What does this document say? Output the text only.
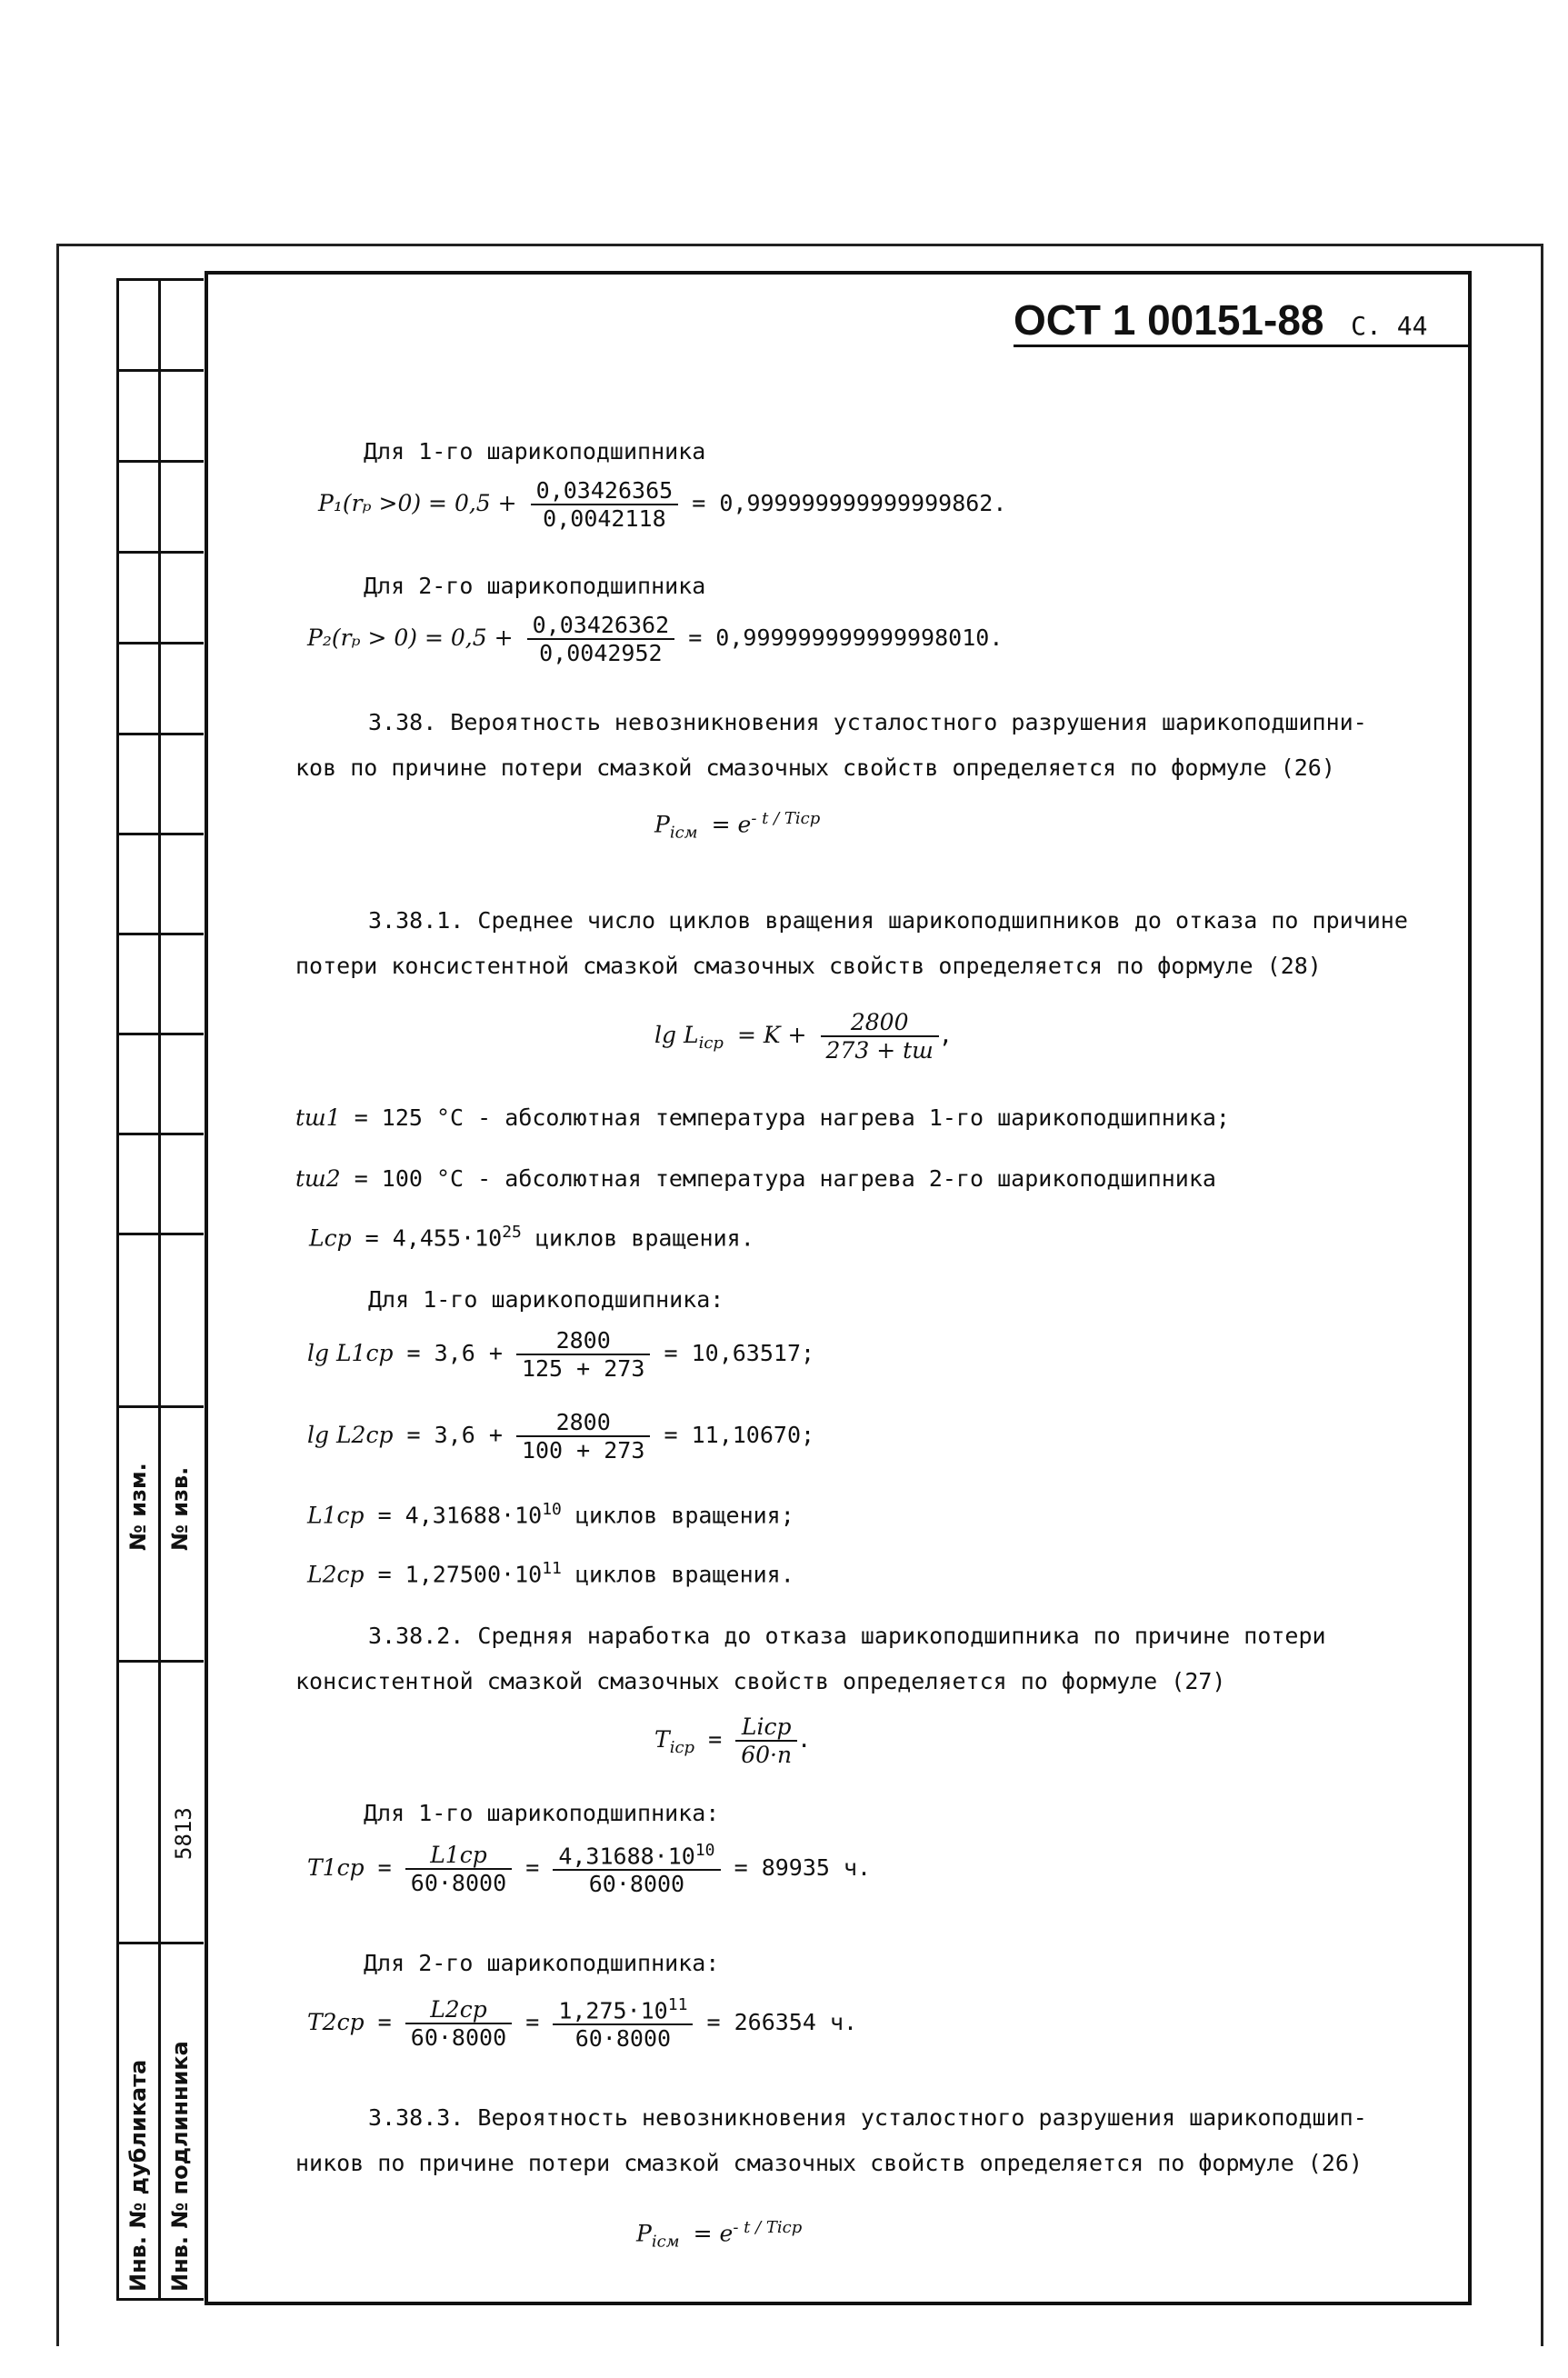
№ изм. № изв.
5813
Инв. № дубликата Инв. № подлинника
ОСТ 1 00151-88 С. 44
Для 1-го шарикоподшипника
$P_1(r_p >0) = 0,5 + \frac{0,03426365}{0,0042118} = 0,999999999999999862$.
Для 2-го шарикоподшипника
$P_2(r_p > 0) = 0,5 + \frac{0,03426362}{0,0042952} = 0,999999999999998010$.
3.38. Вероятность невозникновения усталостного разрушения шарикоподшипни-
ков по причине потери смазкой смазочных свойств определяется по формуле (26)
$P_{iсм} = e^{- t / Tiср}$
3.38.1. Среднее число циклов вращения шарикоподшипников до отказа по причине
потери консистентной смазкой смазочных свойств определяется по формуле (28)
$\lg L_{iср} = K + \frac{2800}{273 + tш}$ ,
tш1 = 125 °С - абсолютная температура нагрева 1-го шарикоподшипника;
tш2 = 100 °С - абсолютная температура нагрева 2-го шарикоподшипника
Lср = $4,455\cdot 10^{25}$ циклов вращения.
Для 1-го шарикоподшипника:
$\lg L1ср = 3,6 + \frac{2800}{125 + 273} = 10,63517$;
$\lg L2ср = 3,6 + \frac{2800}{100 + 273} = 11,10670$;
$L1ср = 4,31688\cdot 10^{10}$ циклов вращения;
$L2ср = 1,27500\cdot 10^{11}$ циклов вращения.
3.38.2. Средняя наработка до отказа шарикоподшипника по причине потери
консистентной смазкой смазочных свойств определяется по формуле (27)
$T_{iср} = \frac{\text{Liср}}{60\cdot n}$ .
Для 1-го шарикоподшипника:
$T1ср = \frac{L1ср}{60\cdot 8000} = \frac{4,31688\cdot 10^{10}}{60\cdot 8000} = 89935$ ч.
Для 2-го шарикоподшипника:
$T2ср = \frac{L2ср}{60\cdot 8000} = \frac{1,275\cdot 10^{11}}{60\cdot 8000} = 266354$ ч.
3.38.3. Вероятность невозникновения усталостного разрушения шарикоподшип-
ников по причине потери смазкой смазочных свойств определяется по формуле (26)
$P_{iсм} = e^{- t / Tiср}$
